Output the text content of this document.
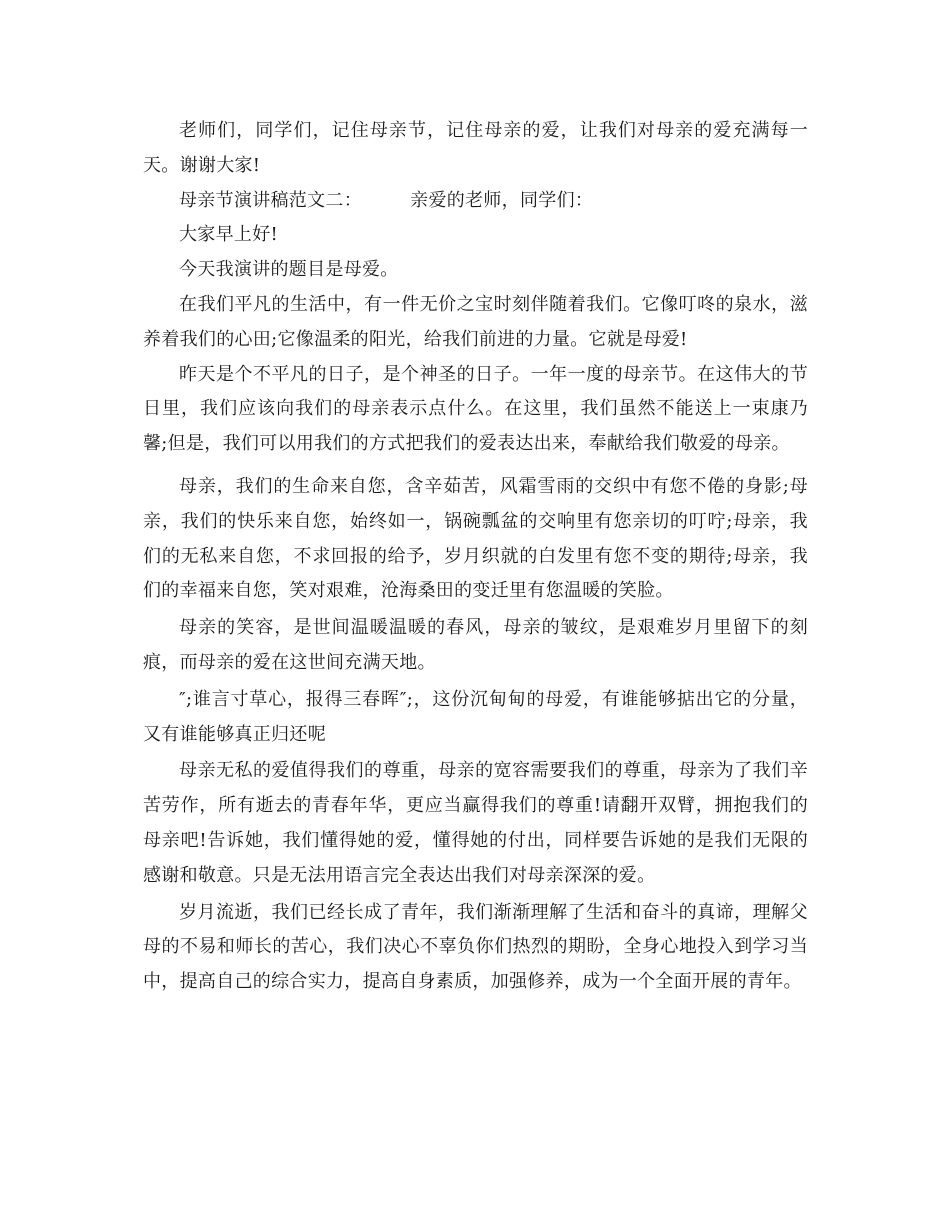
老师们，同学们，记住母亲节，记住母亲的爱，让我们对母亲的爱充满每一天。谢谢大家!

母亲节演讲稿范文二：        亲爱的老师，同学们：

大家早上好!

今天我演讲的题目是母爱。

在我们平凡的生活中，有一件无价之宝时刻伴随着我们。它像叮咚的泉水，滋养着我们的心田;它像温柔的阳光，给我们前进的力量。它就是母爱!

昨天是个不平凡的日子，是个神圣的日子。一年一度的母亲节。在这伟大的节日里，我们应该向我们的母亲表示点什么。在这里，我们虽然不能送上一束康乃馨;但是，我们可以用我们的方式把我们的爱表达出来，奉献给我们敬爱的母亲。

母亲，我们的生命来自您，含辛茹苦，风霜雪雨的交织中有您不倦的身影;母亲，我们的快乐来自您，始终如一，锅碗瓢盆的交响里有您亲切的叮咛;母亲，我们的无私来自您，不求回报的给予，岁月织就的白发里有您不变的期待;母亲，我们的幸福来自您，笑对艰难，沧海桑田的变迁里有您温暖的笑脸。

母亲的笑容，是世间温暖温暖的春风，母亲的皱纹，是艰难岁月里留下的刻痕，而母亲的爱在这世间充满天地。

″;谁言寸草心，报得三春晖″;，这份沉甸甸的母爱，有谁能够掂出它的分量，又有谁能够真正归还呢

母亲无私的爱值得我们的尊重，母亲的宽容需要我们的尊重，母亲为了我们辛苦劳作，所有逝去的青春年华，更应当赢得我们的尊重!请翻开双臂，拥抱我们的母亲吧!告诉她，我们懂得她的爱，懂得她的付出，同样要告诉她的是我们无限的感谢和敬意。只是无法用语言完全表达出我们对母亲深深的爱。

岁月流逝，我们已经长成了青年，我们渐渐理解了生活和奋斗的真谛，理解父母的不易和师长的苦心，我们决心不辜负你们热烈的期盼，全身心地投入到学习当中，提高自己的综合实力，提高自身素质，加强修养，成为一个全面开展的青年。
